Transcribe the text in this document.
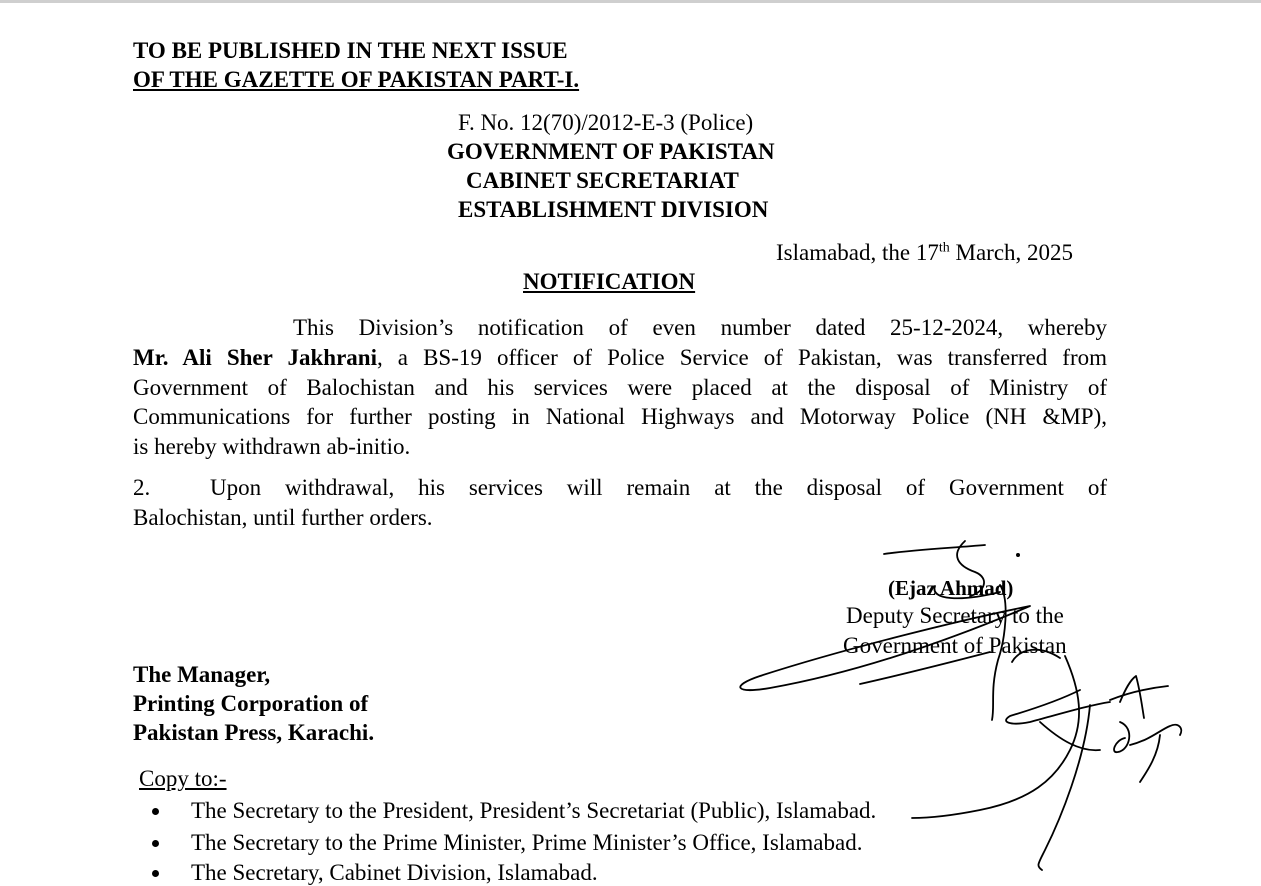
TO BE PUBLISHED IN THE NEXT ISSUE
OF THE GAZETTE OF PAKISTAN PART-I.
F. No. 12(70)/2012-E-3 (Police)
GOVERNMENT OF PAKISTAN
CABINET SECRETARIAT
ESTABLISHMENT DIVISION
Islamabad, the 17th March, 2025
NOTIFICATION
This Division’s notification of even number dated 25-12-2024, whereby
Mr. Ali Sher Jakhrani, a BS-19 officer of Police Service of Pakistan, was transferred from
Government of Balochistan and his services were placed at the disposal of Ministry of
Communications for further posting in National Highways and Motorway Police (NH &MP),
is hereby withdrawn ab-initio.
2.	Upon withdrawal, his services will remain at the disposal of Government of
Balochistan, until further orders.
(Ejaz Ahmad)
Deputy Secretary to the
Government of Pakistan
The Manager,
Printing Corporation of
Pakistan Press, Karachi.
Copy to:-
The Secretary to the President, President’s Secretariat (Public), Islamabad.
The Secretary to the Prime Minister, Prime Minister’s Office, Islamabad.
The Secretary, Cabinet Division, Islamabad.
